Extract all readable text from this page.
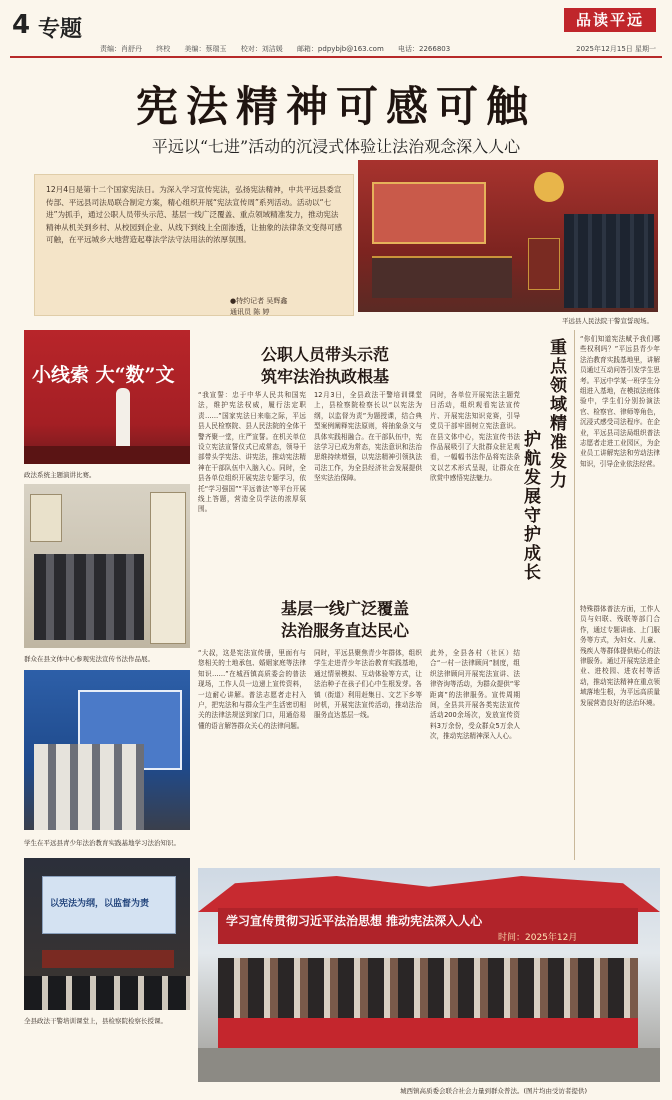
4 专题
责编：肖舒丹 终校 美编：蔡瑞玉 校对：刘洁媛 邮箱：pdpybjb@163.com 电话：2266803
品读平远
2025年12月15日 星期一
宪法精神可感可触
平远以“七进”活动的沉浸式体验让法治观念深入人心
12月4日是第十二个国家宪法日。为深入学习宣传宪法，弘扬宪法精神，中共平远县委宣传部、平远县司法局联合制定方案，精心组织开展“宪法宣传周”系列活动。活动以“七进”为抓手，通过公职人员带头示范、基层一线广泛覆盖、重点领域精准发力，推动宪法精神从机关到乡村、从校园到企业、从线下到线上全面渗透，让抽象的法律条文变得可感可触，在平远城乡大地营造起尊法学法守法用法的浓厚氛围。
●特约记者 吴辉鑫
通讯员 陈 婷
平远县人民法院干警宣誓现场。
小线索 大“数”文
政法系统主题演讲比赛。
群众在县文体中心参观宪法宣传书法作品展。
学生在平远县青少年法治教育实践基地学习法治知识。
以宪法为纲，以监督为责
全县政法干警培训课堂上，县检察院检察长授课。
公职人员带头示范
筑牢法治执政根基
“我宣誓：忠于中华人民共和国宪法，维护宪法权威，履行法定职责……”国家宪法日来临之际，平远县人民检察院、县人民法院的全体干警齐聚一堂，庄严宣誓。在机关单位设立宪法宣誓仪式已成常态，领导干部带头学宪法、讲宪法，推动宪法精神在干部队伍中入脑入心。同时，全县各单位组织开展宪法专题学习，依托“学习强国”“平远普法”等平台开展线上答题，营造全员学法的浓厚氛围。
12月3日，全县政法干警培训课堂上，县检察院检察长以“以宪法为纲，以监督为责”为题授课，结合典型案例阐释宪法原则，将抽象条文与具体实践相融合。在干部队伍中，宪法学习已成为常态，宪法意识和法治思维持续增强，以宪法精神引领执法司法工作，为全县经济社会发展提供坚实法治保障。
同时，各单位开展宪法主题党日活动，组织观看宪法宣传片、开展宪法知识竞赛，引导党员干部牢固树立宪法意识。在县文体中心，宪法宣传书法作品展吸引了大批群众驻足观看，一幅幅书法作品将宪法条文以艺术形式呈现，让群众在欣赏中感悟宪法魅力。
基层一线广泛覆盖
法治服务直达民心
“大叔，这是宪法宣传册，里面有与您相关的土地承包、婚姻家庭等法律知识……”在城西镇高质委会的普法现场，工作人员一边递上宣传资料，一边耐心讲解。普法志愿者走村入户，把宪法和与群众生产生活密切相关的法律法规送到家门口，用通俗易懂的语言解答群众关心的法律问题。
同时，平远县聚焦青少年群体，组织学生走进青少年法治教育实践基地，通过情景模拟、互动体验等方式，让法治种子在孩子们心中生根发芽。各镇（街道）利用赶集日、文艺下乡等时机，开展宪法宣传活动，推动法治服务直达基层一线。
此外，全县各村（社区）结合“一村一法律顾问”制度，组织法律顾问开展宪法宣讲、法律咨询等活动，为群众提供“零距离”的法律服务。宣传周期间，全县共开展各类宪法宣传活动200余场次，发放宣传资料3万余份，受众群众5万余人次，推动宪法精神深入人心。
重点领域精准发力
护航发展守护成长
“你们知道宪法赋予我们哪些权利吗？”平远县青少年法治教育实践基地里，讲解员通过互动问答引发学生思考。平远中学某一班学生分组进入基地，在模拟法庭体验中，学生们分别扮演法官、检察官、律师等角色，沉浸式感受司法程序。在企业，平远县司法局组织普法志愿者走进工业园区，为企业员工讲解宪法和劳动法律知识，引导企业依法经营。
特殊群体普法方面，工作人员与妇联、残联等部门合作，通过专题讲座、上门服务等方式，为妇女、儿童、残疾人等群体提供贴心的法律服务。通过开展宪法进企业、进校园、进农村等活动，推动宪法精神在重点领域落地生根，为平远高质量发展营造良好的法治环境。
学习宣传贯彻习近平法治思想 推动宪法深入人心
时间：2025年12月
城西镇高质委会联合社会力量到群众普法。(图片均由受访者提供)
